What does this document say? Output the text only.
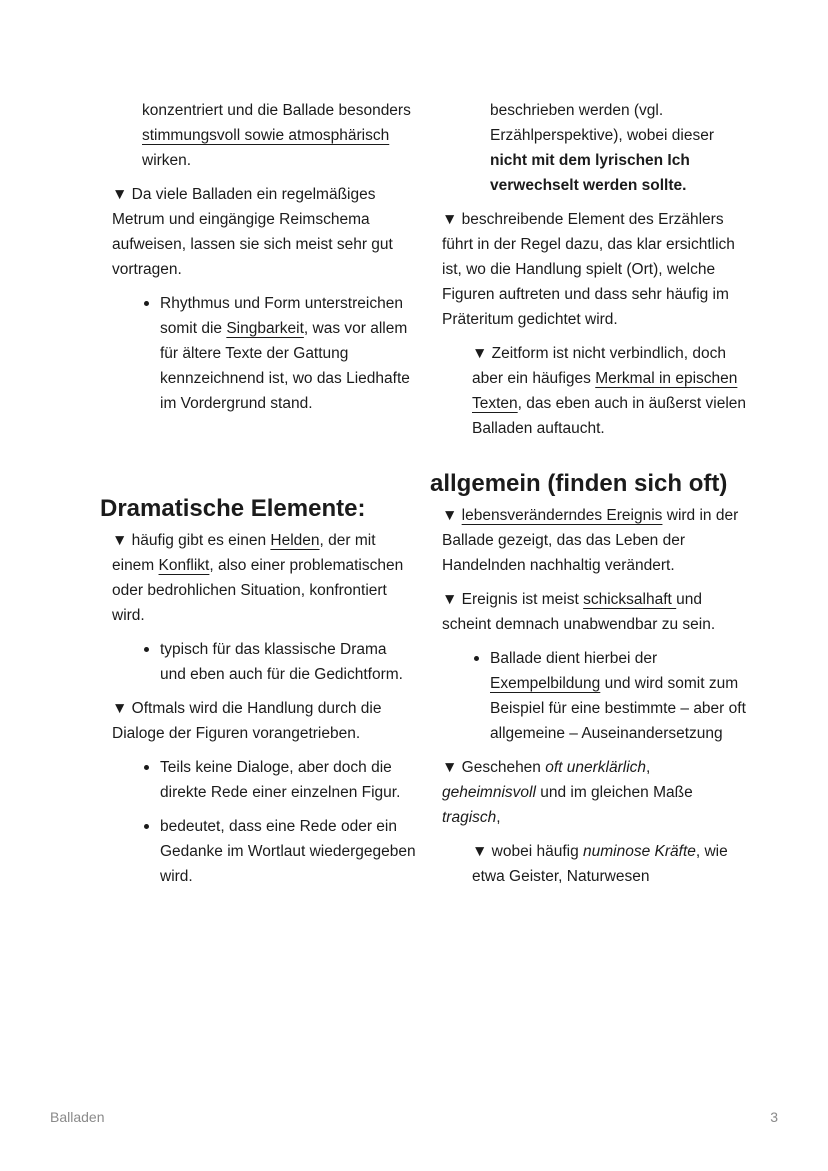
konzentriert und die Ballade besonders stimmungsvoll sowie atmosphärisch wirken.

▼ Da viele Balladen ein regelmäßiges Metrum und eingängige Reimschema aufweisen, lassen sie sich meist sehr gut vortragen.

Rhythmus und Form unterstreichen somit die Singbarkeit, was vor allem für ältere Texte der Gattung kennzeichnend ist, wo das Liedhafte im Vordergrund stand.

Dramatische Elemente:

▼ häufig gibt es einen Helden, der mit einem Konflikt, also einer problematischen oder bedrohlichen Situation, konfrontiert wird.

typisch für das klassische Drama und eben auch für die Gedichtform.

▼ Oftmals wird die Handlung durch die Dialoge der Figuren vorangetrieben.

Teils keine Dialoge, aber doch die direkte Rede einer einzelnen Figur.

bedeutet, dass eine Rede oder ein Gedanke im Wortlaut wiedergegeben wird.

beschrieben werden (vgl. Erzählperspektive), wobei dieser nicht mit dem lyrischen Ich verwechselt werden sollte.

▼ beschreibende Element des Erzählers führt in der Regel dazu, das klar ersichtlich ist, wo die Handlung spielt (Ort), welche Figuren auftreten und dass sehr häufig im Präteritum gedichtet wird.

▼ Zeitform ist nicht verbindlich, doch aber ein häufiges Merkmal in epischen Texten, das eben auch in äußerst vielen Balladen auftaucht.

allgemein (finden sich oft)

▼ lebensveränderndes Ereignis wird in der Ballade gezeigt, das das Leben der Handelnden nachhaltig verändert.

▼ Ereignis ist meist schicksalhaft und scheint demnach unabwendbar zu sein.

Ballade dient hierbei der Exempelbildung und wird somit zum Beispiel für eine bestimmte – aber oft allgemeine – Auseinandersetzung

▼ Geschehen oft unerklärlich, geheimnisvoll und im gleichen Maße tragisch,

▼ wobei häufig numinose Kräfte, wie etwa Geister, Naturwesen

Balladen	3
